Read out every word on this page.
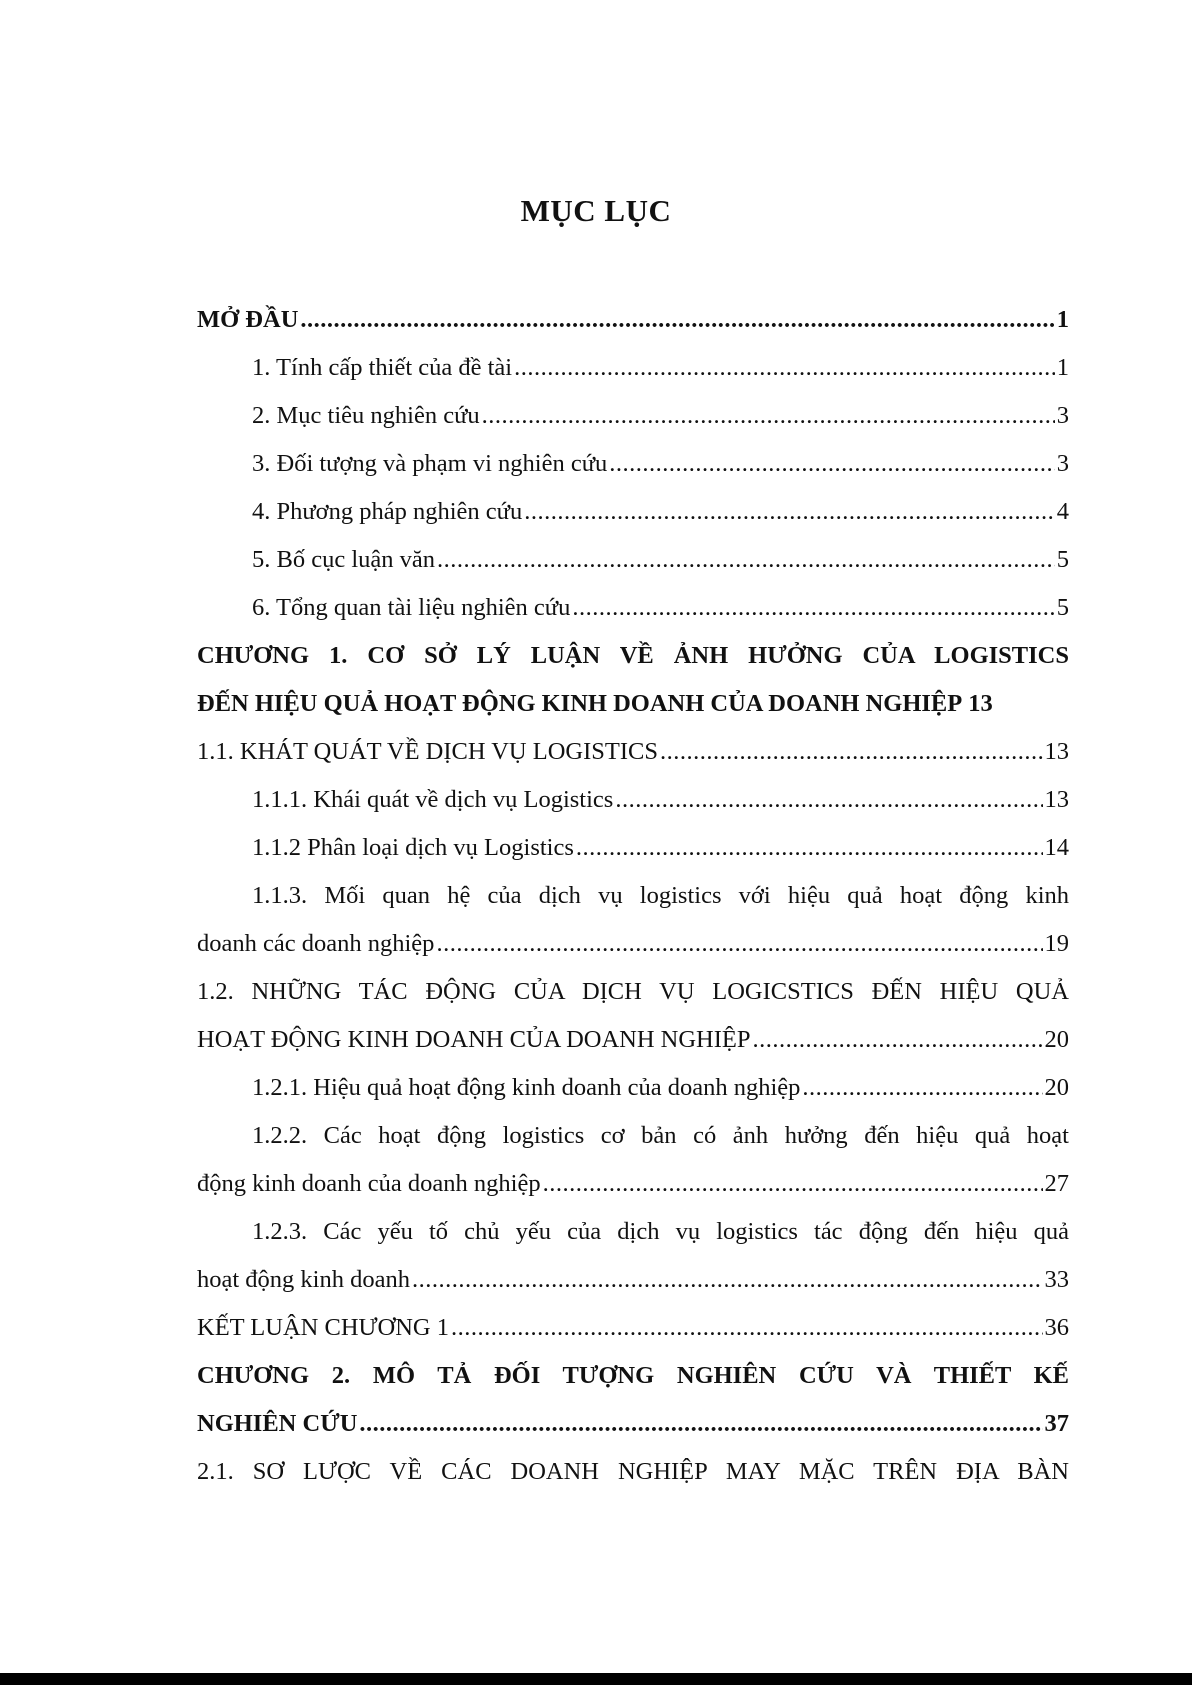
MỤC LỤC
MỞ ĐẦU .....	1
1. Tính cấp thiết của đề tài .....	1
2. Mục tiêu nghiên cứu .....	3
3. Đối tượng và phạm vi nghiên cứu .....	3
4. Phương pháp nghiên cứu .....	4
5. Bố cục luận văn .....	5
6. Tổng quan tài liệu nghiên cứu .....	5
CHƯƠNG 1. CƠ SỞ LÝ LUẬN VỀ ẢNH HƯỞNG CỦA LOGISTICS
ĐẾN HIỆU QUẢ HOẠT ĐỘNG KINH DOANH CỦA DOANH NGHIỆP 13
1.1. KHÁT QUÁT VỀ DỊCH VỤ LOGISTICS .....	13
1.1.1. Khái quát về dịch vụ Logistics .....	13
1.1.2 Phân loại dịch vụ Logistics .....	14
1.1.3. Mối quan hệ của dịch vụ logistics với hiệu quả hoạt động kinh
doanh các doanh nghiệp .....	19
1.2. NHỮNG TÁC ĐỘNG CỦA DỊCH VỤ LOGICSTICS ĐẾN HIỆU QUẢ
HOẠT ĐỘNG KINH DOANH CỦA DOANH NGHIỆP .....	20
1.2.1. Hiệu quả hoạt động kinh doanh của doanh nghiệp .....	20
1.2.2. Các hoạt động logistics cơ bản có ảnh hưởng đến hiệu quả hoạt
động kinh doanh của doanh nghiệp .....	27
1.2.3. Các yếu tố chủ yếu của dịch vụ logistics tác động đến hiệu quả
hoạt động kinh doanh .....	33
KẾT LUẬN CHƯƠNG 1 .....	36
CHƯƠNG 2. MÔ TẢ ĐỐI TƯỢNG NGHIÊN CỨU VÀ THIẾT KẾ
NGHIÊN CỨU .....	37
2.1. SƠ LƯỢC VỀ CÁC DOANH NGHIỆP MAY MẶC TRÊN ĐỊA BÀN
